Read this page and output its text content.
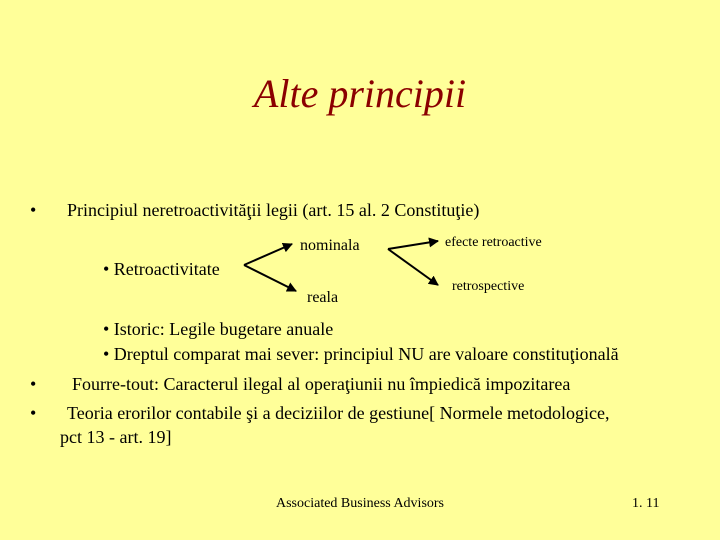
Alte principii
• Principiul neretroactivităţii legii (art. 15 al. 2 Constituţie)
• Retroactivitate
nominala
reala
efecte retroactive
retrospective
• Istoric: Legile bugetare anuale
• Dreptul comparat mai sever: principiul NU are valoare constituţională
• Fourre-tout: Caracterul ilegal al operaţiunii nu împiedică impozitarea
• Teoria erorilor contabile şi a deciziilor de gestiune[ Normele metodologice,
pct 13 - art. 19]
Associated Business Advisors	1. 11
